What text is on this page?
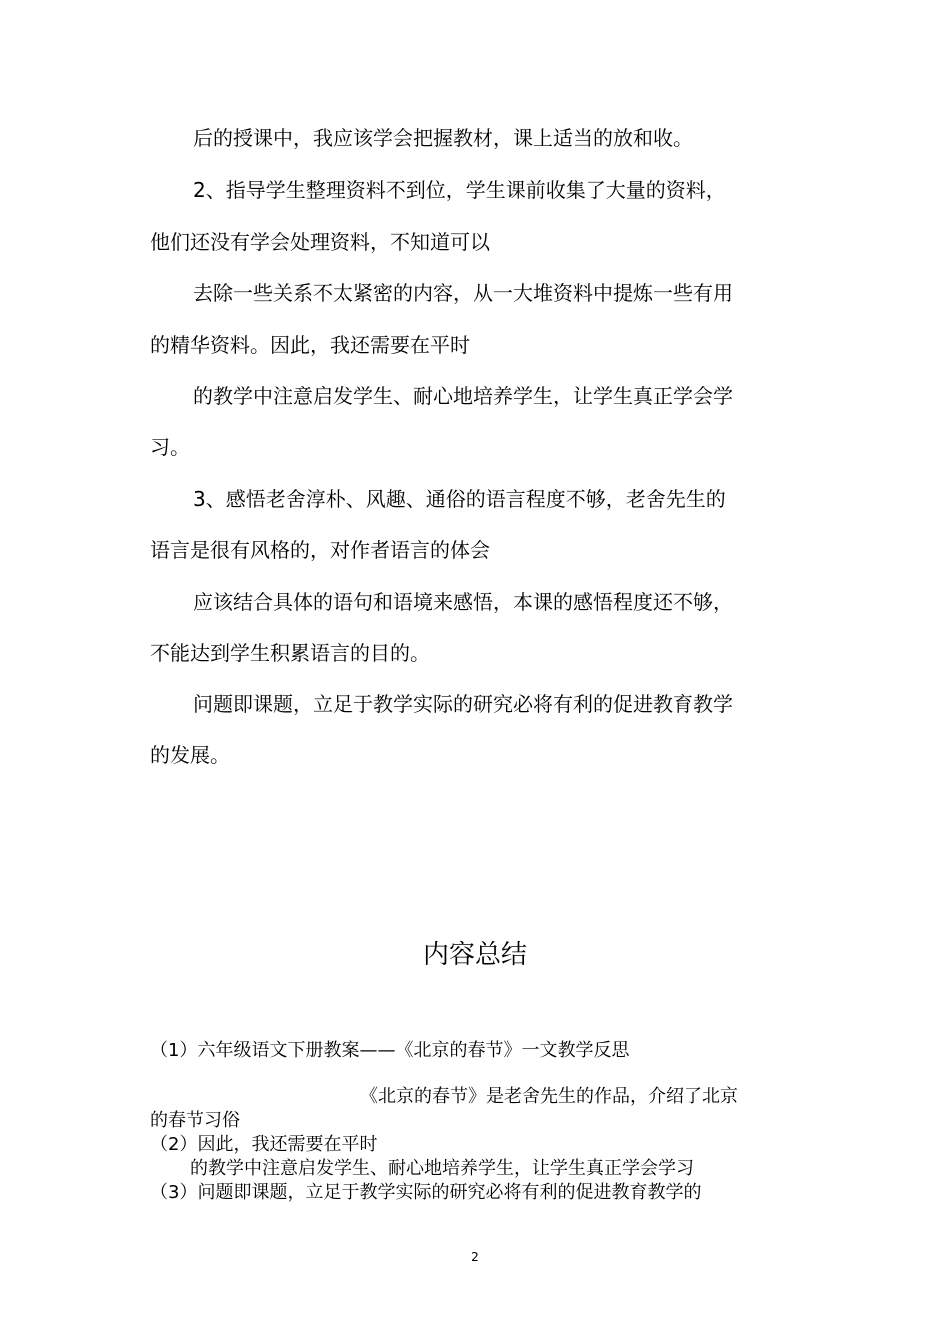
后的授课中，我应该学会把握教材，课上适当的放和收。
2、指导学生整理资料不到位，学生课前收集了大量的资料，
他们还没有学会处理资料，不知道可以
去除一些关系不太紧密的内容，从一大堆资料中提炼一些有用
的精华资料。因此，我还需要在平时
的教学中注意启发学生、耐心地培养学生，让学生真正学会学
习。
3、感悟老舍淳朴、风趣、通俗的语言程度不够，老舍先生的
语言是很有风格的，对作者语言的体会
应该结合具体的语句和语境来感悟，本课的感悟程度还不够，
不能达到学生积累语言的目的。
问题即课题，立足于教学实际的研究必将有利的促进教育教学
的发展。
内容总结
（1）六年级语文下册教案——《北京的春节》一文教学反思
《北京的春节》是老舍先生的作品，介绍了北京
的春节习俗
（2）因此，我还需要在平时
的教学中注意启发学生、耐心地培养学生，让学生真正学会学习
（3）问题即课题，立足于教学实际的研究必将有利的促进教育教学的
2
